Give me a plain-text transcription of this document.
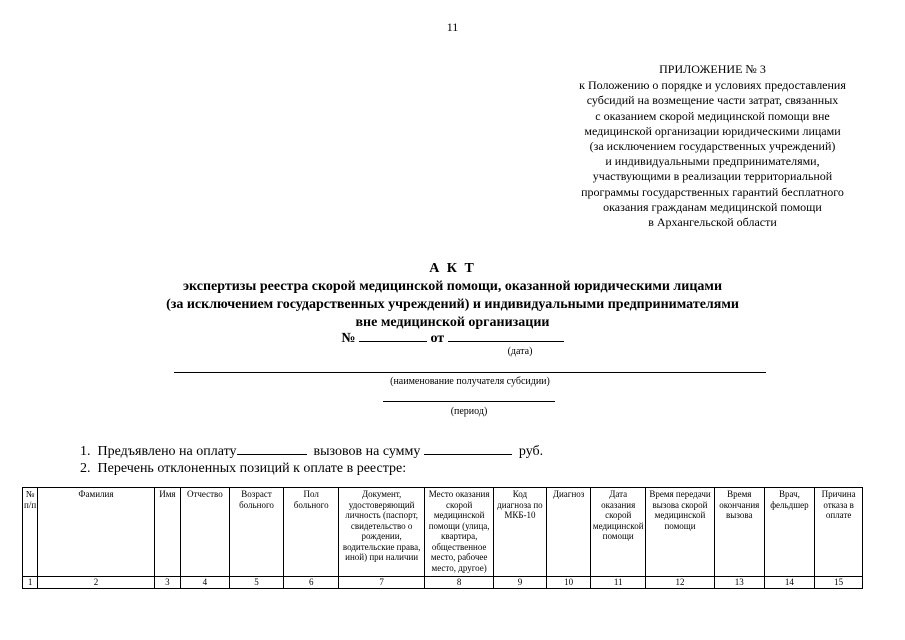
11
ПРИЛОЖЕНИЕ № 3
к Положению о порядке и условиях предоставления
субсидий на возмещение части затрат, связанных
с оказанием скорой медицинской помощи вне
медицинской организации юридическими лицами
(за исключением государственных учреждений)
и индивидуальными предпринимателями,
участвующими в реализации территориальной
программы государственных гарантий бесплатного
оказания гражданам медицинской помощи
в Архангельской области
А К Т
экспертизы реестра скорой медицинской помощи, оказанной юридическими лицами
(за исключением государственных учреждений) и индивидуальными предпринимателями
вне медицинской организации
№	от
(дата)
(наименование получателя субсидии)
(период)
1. Предъявлено на оплату	вызовов на сумму	руб.
2. Перечень отклоненных позиций к оплате в реестре:
№ п/п	Фамилия	Имя	Отчество	Возраст больного	Пол больного	Документ, удостоверяющий личность (паспорт, свидетельство о рождении, водительские права, иной) при наличии	Место оказания скорой медицинской помощи (улица, квартира, общественное место, рабочее место, другое)	Код диагноза по МКБ-10	Диагноз	Дата оказания скорой медицинской помощи	Время передачи вызова скорой медицинской помощи	Время окончания вызова	Врач, фельдшер	Причина отказа в оплате
1	2	3	4	5	6	7	8	9	10	11	12	13	14	15
